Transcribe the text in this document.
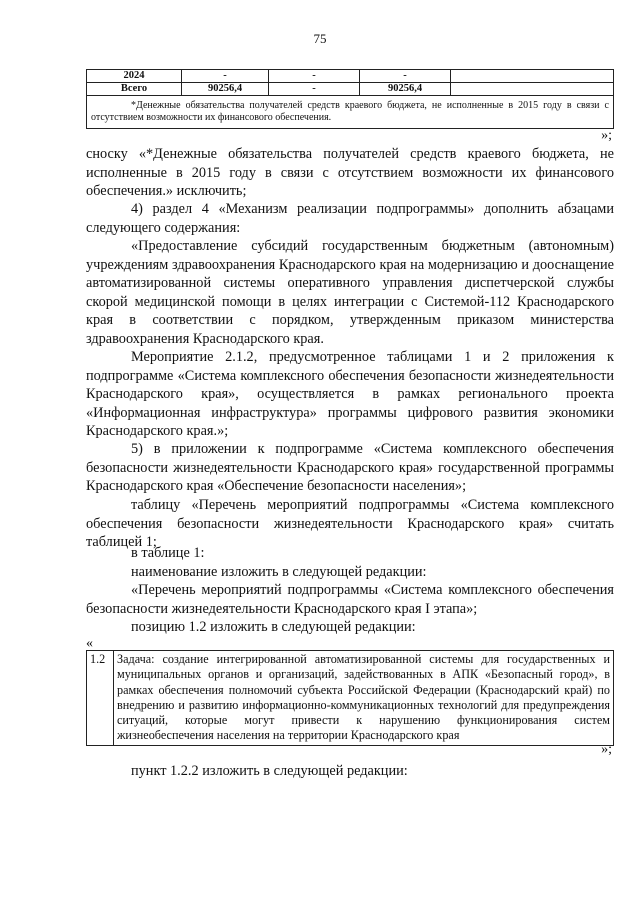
75
2024	-	-	-	
Всего	90256,4	-	90256,4	
*Денежные обязательства получателей средств краевого бюджета, не исполненные в 2015 году в связи с отсутствием возможности их финансового обеспечения.				
»;

сноску «*Денежные обязательства получателей средств краевого бюджета, не исполненные в 2015 году в связи с отсутствием возможности их финансового обеспечения.» исключить;

4) раздел 4 «Механизм реализации подпрограммы» дополнить абзацами следующего содержания:

«Предоставление субсидий государственным бюджетным (автономным) учреждениям здравоохранения Краснодарского края на модернизацию и дооснащение автоматизированной системы оперативного управления диспетчерской службы скорой медицинской помощи в целях интеграции с Системой-112 Краснодарского края в соответствии с порядком, утвержденным приказом министерства здравоохранения Краснодарского края.

Мероприятие 2.1.2, предусмотренное таблицами 1 и 2 приложения к подпрограмме «Система комплексного обеспечения безопасности жизнедеятельности Краснодарского края», осуществляется в рамках регионального проекта «Информационная инфраструктура» программы цифрового развития экономики Краснодарского края.»;

5) в приложении к подпрограмме «Система комплексного обеспечения безопасности жизнедеятельности Краснодарского края» государственной программы Краснодарского края «Обеспечение безопасности населения»;

таблицу «Перечень мероприятий подпрограммы «Система комплексного обеспечения безопасности жизнедеятельности Краснодарского края» считать таблицей 1;

в таблице 1:

наименование изложить в следующей редакции:

«Перечень мероприятий подпрограммы «Система комплексного обеспечения безопасности жизнедеятельности Краснодарского края I этапа»;

позицию 1.2 изложить в следующей редакции:

«
1.2	Задача: создание интегрированной автоматизированной системы для государственных и муниципальных органов и организаций, задействованных в АПК «Безопасный город», в рамках обеспечения полномочий субъекта Российской Федерации (Краснодарский край) по внедрению и развитию информационно-коммуникационных технологий для предупреждения ситуаций, которые могут привести к нарушению функционирования систем жизнеобеспечения населения на территории Краснодарского края
»;

пункт 1.2.2 изложить в следующей редакции:
